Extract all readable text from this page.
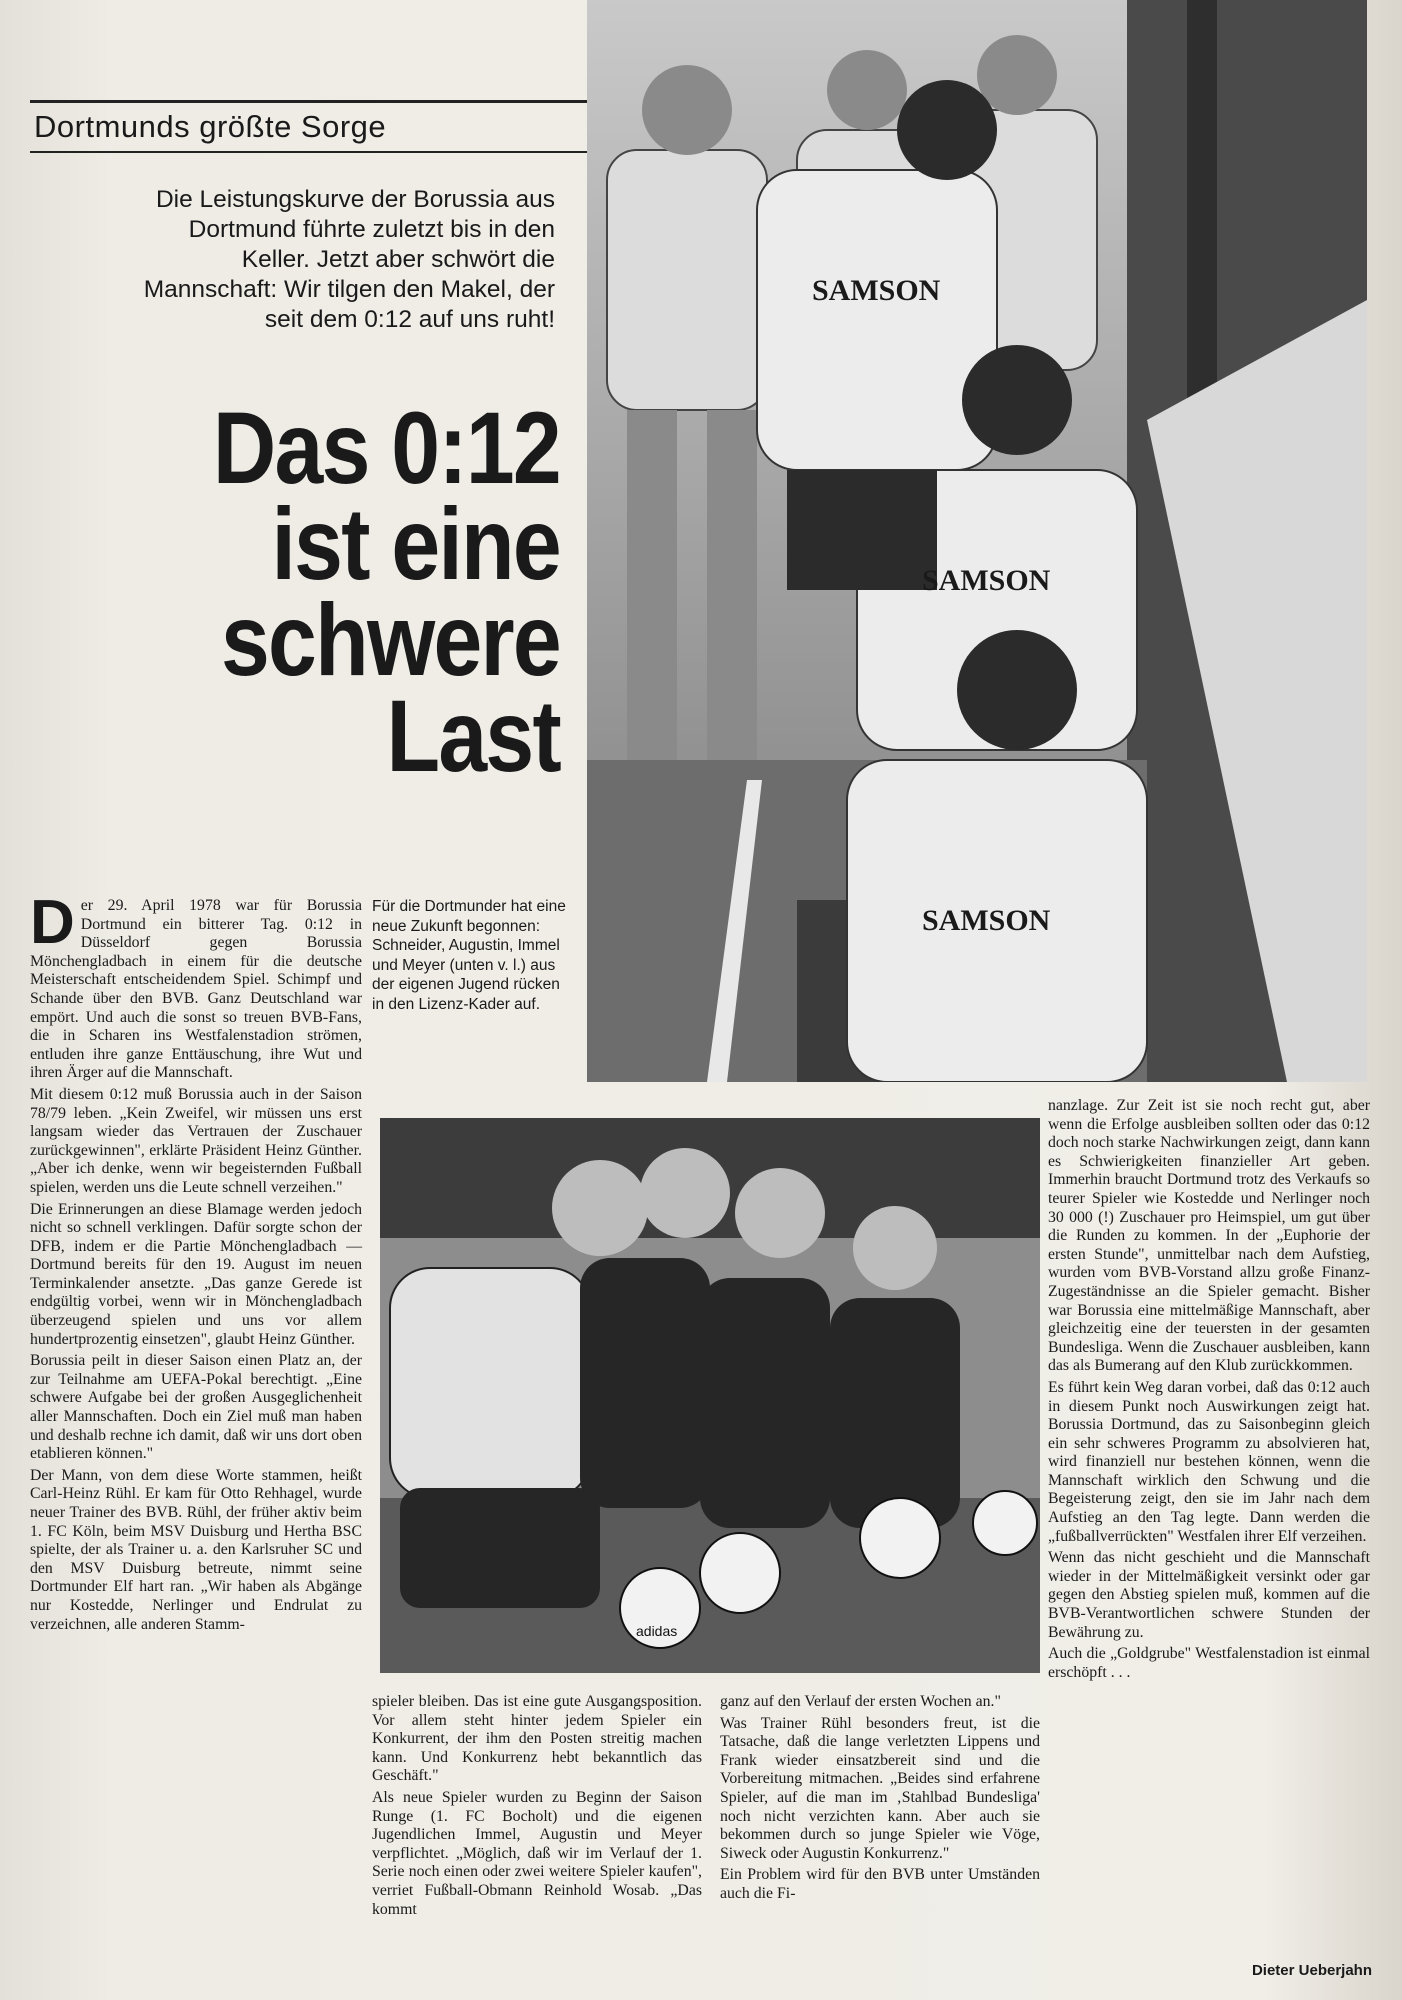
Dortmunds größte Sorge
Die Leistungskurve der Borussia aus Dortmund führte zuletzt bis in den Keller. Jetzt aber schwört die Mannschaft: Wir tilgen den Makel, der seit dem 0:12 auf uns ruht!
Das 0:12
ist eine
schwere
Last
SAMSON
SAMSON
SAMSON
Für die Dortmunder hat eine neue Zukunft begonnen: Schneider, Augustin, Immel und Meyer (unten v. l.) aus der eigenen Jugend rücken in den Lizenz-Kader auf.
adidas

Der 29. April 1978 war für Borussia Dortmund ein bitterer Tag. 0:12 in Düsseldorf gegen Borussia Mönchengladbach in einem für die deutsche Meisterschaft entscheidendem Spiel. Schimpf und Schande über den BVB. Ganz Deutschland war empört. Und auch die sonst so treuen BVB-Fans, die in Scharen ins Westfalenstadion strömen, entluden ihre ganze Enttäuschung, ihre Wut und ihren Ärger auf die Mannschaft.

Mit diesem 0:12 muß Borussia auch in der Saison 78/79 leben. „Kein Zweifel, wir müssen uns erst langsam wieder das Vertrauen der Zuschauer zurückgewinnen", erklärte Präsident Heinz Günther. „Aber ich denke, wenn wir begeisternden Fußball spielen, werden uns die Leute schnell verzeihen."

Die Erinnerungen an diese Blamage werden jedoch nicht so schnell verklingen. Dafür sorgte schon der DFB, indem er die Partie Mönchengladbach — Dortmund bereits für den 19. August im neuen Terminkalender ansetzte. „Das ganze Gerede ist endgültig vorbei, wenn wir in Mönchengladbach überzeugend spielen und uns vor allem hundertprozentig einsetzen", glaubt Heinz Günther.

Borussia peilt in dieser Saison einen Platz an, der zur Teilnahme am UEFA-Pokal berechtigt. „Eine schwere Aufgabe bei der großen Ausgeglichenheit aller Mannschaften. Doch ein Ziel muß man haben und deshalb rechne ich damit, daß wir uns dort oben etablieren können."

Der Mann, von dem diese Worte stammen, heißt Carl-Heinz Rühl. Er kam für Otto Rehhagel, wurde neuer Trainer des BVB. Rühl, der früher aktiv beim 1. FC Köln, beim MSV Duisburg und Hertha BSC spielte, der als Trainer u. a. den Karlsruher SC und den MSV Duisburg betreute, nimmt seine Dortmunder Elf hart ran. „Wir haben als Abgänge nur Kostedde, Nerlinger und Endrulat zu verzeichnen, alle anderen Stamm-

spieler bleiben. Das ist eine gute Ausgangsposition. Vor allem steht hinter jedem Spieler ein Konkurrent, der ihm den Posten streitig machen kann. Und Konkurrenz hebt bekanntlich das Geschäft."

Als neue Spieler wurden zu Beginn der Saison Runge (1. FC Bocholt) und die eigenen Jugendlichen Immel, Augustin und Meyer verpflichtet. „Möglich, daß wir im Verlauf der 1. Serie noch einen oder zwei weitere Spieler kaufen", verriet Fußball-Obmann Reinhold Wosab. „Das kommt

ganz auf den Verlauf der ersten Wochen an."

Was Trainer Rühl besonders freut, ist die Tatsache, daß die lange verletzten Lippens und Frank wieder einsatzbereit sind und die Vorbereitung mitmachen. „Beides sind erfahrene Spieler, auf die man im ‚Stahlbad Bundesliga' noch nicht verzichten kann. Aber auch sie bekommen durch so junge Spieler wie Vöge, Siweck oder Augustin Konkurrenz."

Ein Problem wird für den BVB unter Umständen auch die Fi-

nanzlage. Zur Zeit ist sie noch recht gut, aber wenn die Erfolge ausbleiben sollten oder das 0:12 doch noch starke Nachwirkungen zeigt, dann kann es Schwierigkeiten finanzieller Art geben. Immerhin braucht Dortmund trotz des Verkaufs so teurer Spieler wie Kostedde und Nerlinger noch 30 000 (!) Zuschauer pro Heimspiel, um gut über die Runden zu kommen. In der „Euphorie der ersten Stunde", unmittelbar nach dem Aufstieg, wurden vom BVB-Vorstand allzu große Finanz-Zugeständnisse an die Spieler gemacht. Bisher war Borussia eine mittelmäßige Mannschaft, aber gleichzeitig eine der teuersten in der gesamten Bundesliga. Wenn die Zuschauer ausbleiben, kann das als Bumerang auf den Klub zurückkommen.

Es führt kein Weg daran vorbei, daß das 0:12 auch in diesem Punkt noch Auswirkungen zeigt hat. Borussia Dortmund, das zu Saisonbeginn gleich ein sehr schweres Programm zu absolvieren hat, wird finanziell nur bestehen können, wenn die Mannschaft wirklich den Schwung und die Begeisterung zeigt, den sie im Jahr nach dem Aufstieg an den Tag legte. Dann werden die „fußballverrückten" Westfalen ihrer Elf verzeihen.

Wenn das nicht geschieht und die Mannschaft wieder in der Mittelmäßigkeit versinkt oder gar gegen den Abstieg spielen muß, kommen auf die BVB-Verantwortlichen schwere Stunden der Bewährung zu.

Auch die „Goldgrube" Westfalenstadion ist einmal erschöpft . . .

Dieter Ueberjahn
